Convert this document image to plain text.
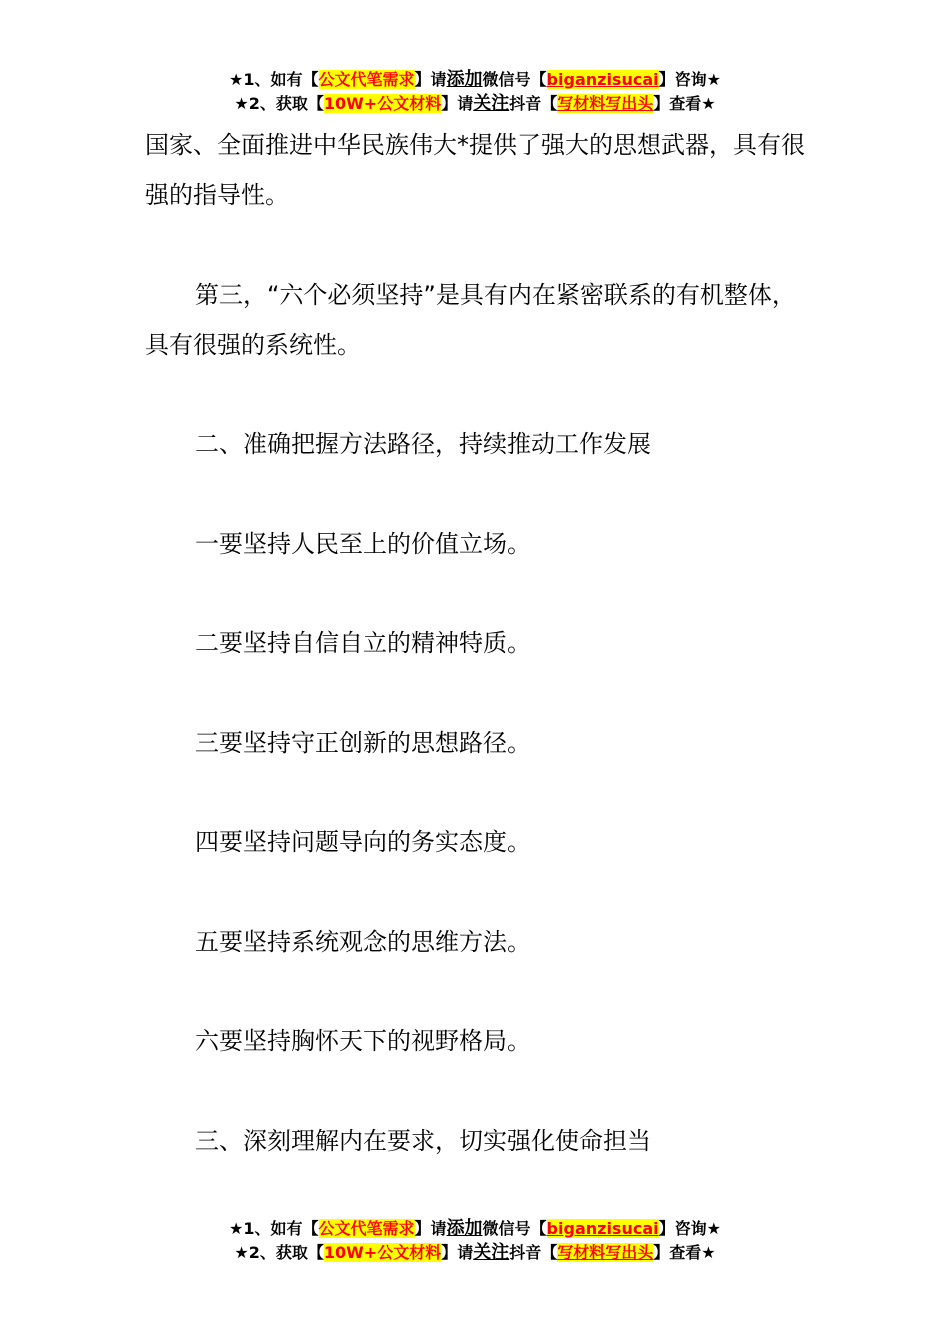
★1、如有【公文代笔需求】请添加微信号【biganzisucai】咨询★
★2、获取【10W+公文材料】请关注抖音【写材料写出头】查看★

国家、全面推进中华民族伟大*提供了强大的思想武器，具有很强的指导性。

第三，“六个必须坚持”是具有内在紧密联系的有机整体，具有很强的系统性。

二、准确把握方法路径，持续推动工作发展

一要坚持人民至上的价值立场。

二要坚持自信自立的精神特质。

三要坚持守正创新的思想路径。

四要坚持问题导向的务实态度。

五要坚持系统观念的思维方法。

六要坚持胸怀天下的视野格局。

三、深刻理解内在要求，切实强化使命担当

★1、如有【公文代笔需求】请添加微信号【biganzisucai】咨询★
★2、获取【10W+公文材料】请关注抖音【写材料写出头】查看★
